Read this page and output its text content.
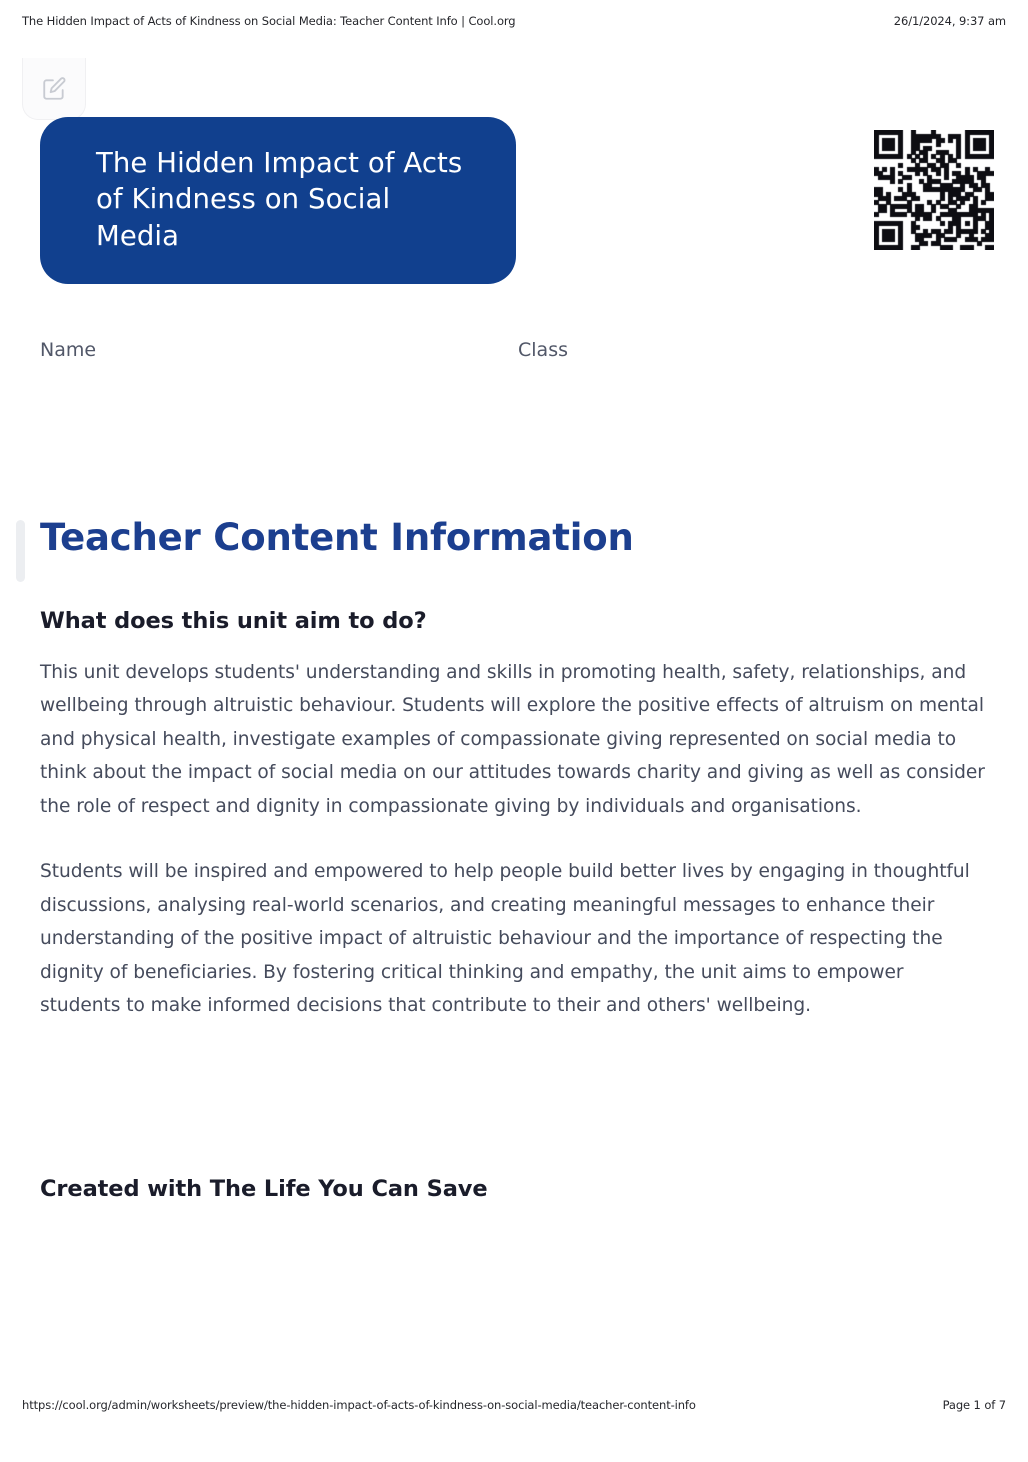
The Hidden Impact of Acts of Kindness on Social Media: Teacher Content Info | Cool.org	26/1/2024, 9:37 am
The Hidden Impact of Acts of Kindness on Social Media
Name	Class
Teacher Content Information
What does this unit aim to do?

This unit develops students' understanding and skills in promoting health, safety, relationships, and wellbeing through altruistic behaviour. Students will explore the positive effects of altruism on mental and physical health, investigate examples of compassionate giving represented on social media to think about the impact of social media on our attitudes towards charity and giving as well as consider the role of respect and dignity in compassionate giving by individuals and organisations.

Students will be inspired and empowered to help people build better lives by engaging in thoughtful discussions, analysing real-world scenarios, and creating meaningful messages to enhance their understanding of the positive impact of altruistic behaviour and the importance of respecting the dignity of beneficiaries. By fostering critical thinking and empathy, the unit aims to empower students to make informed decisions that contribute to their and others' wellbeing.

Created with The Life You Can Save
https://cool.org/admin/worksheets/preview/the-hidden-impact-of-acts-of-kindness-on-social-media/teacher-content-info	Page 1 of 7
